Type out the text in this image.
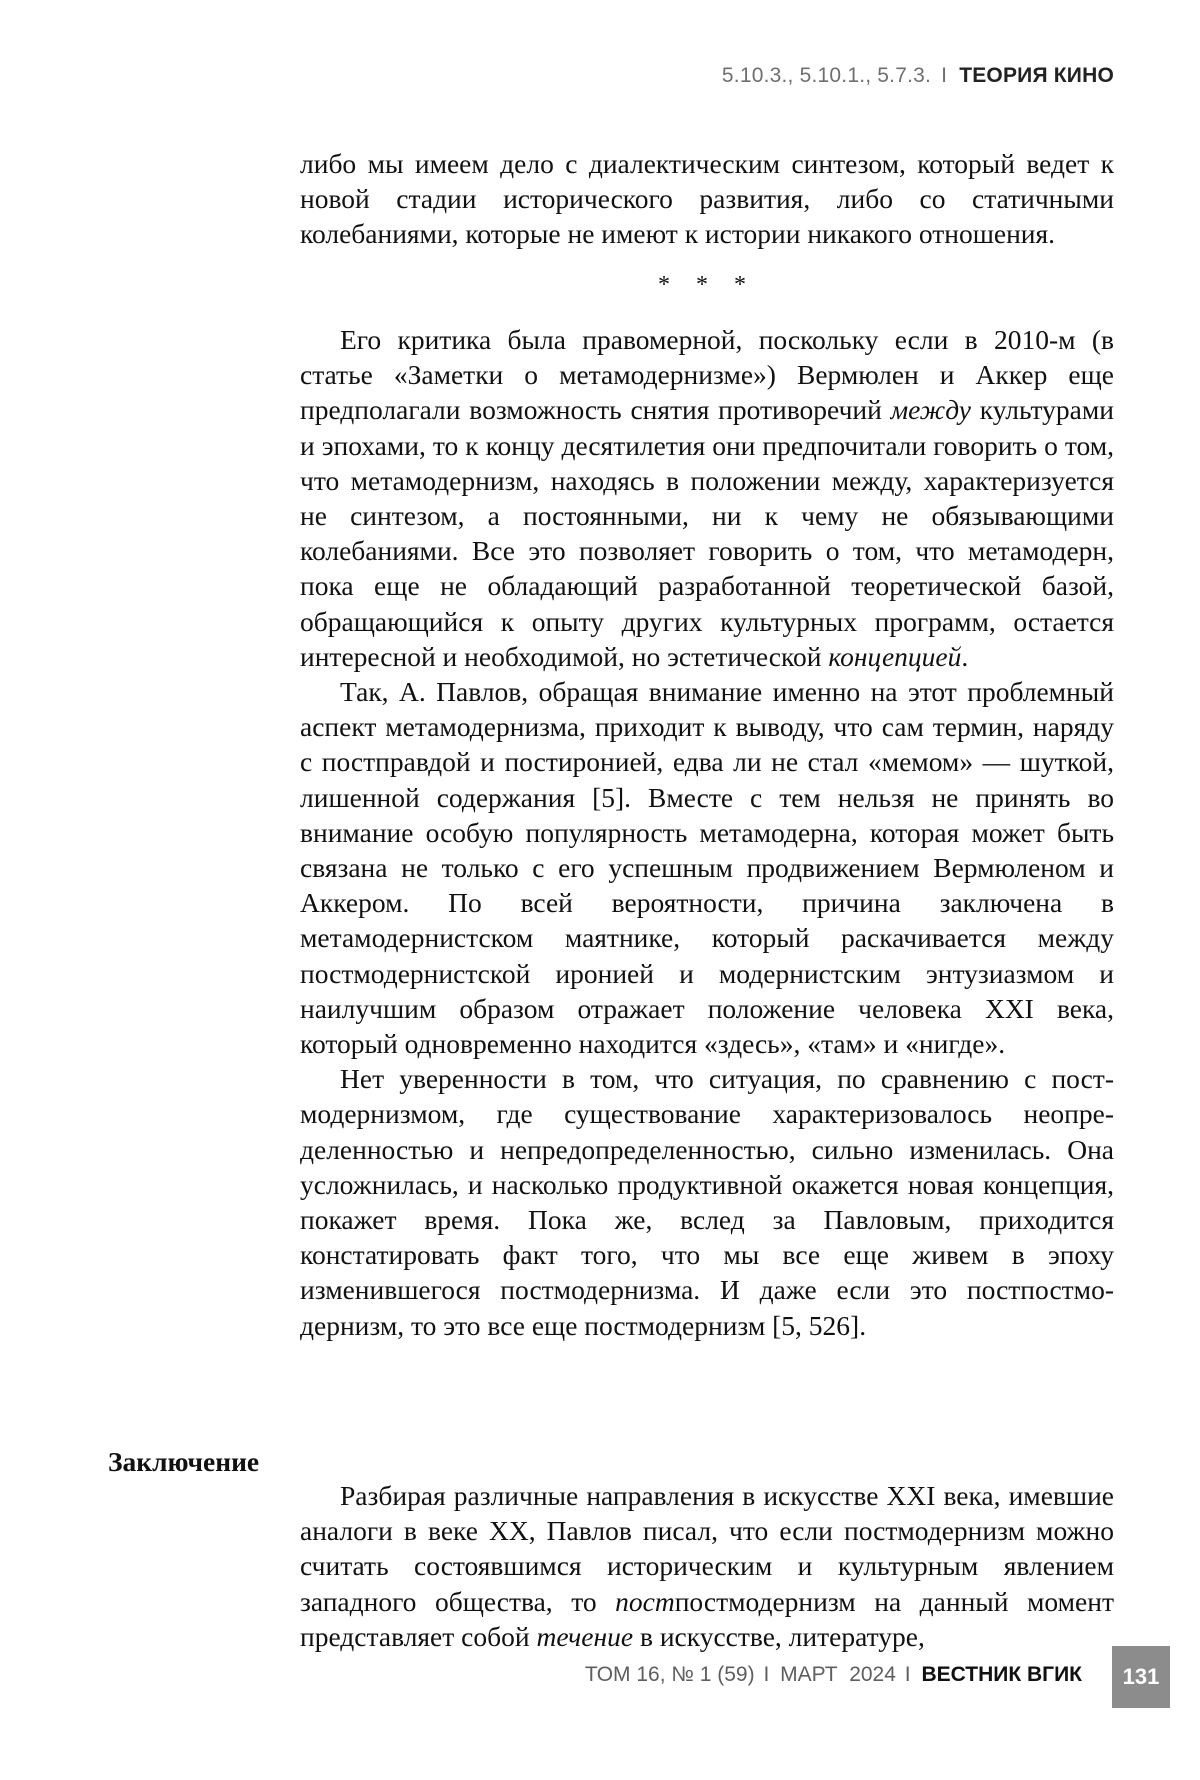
5.10.3., 5.10.1., 5.7.3. I ТЕОРИЯ КИНО

либо мы имеем дело с диалектическим синтезом, который ведет к новой стадии исторического развития, либо со статичными колебаниями, которые не имеют к истории никакого отношения.

* * *

Его критика была правомерной, поскольку если в 2010-м (в статье «Заметки о метамодернизме») Вермюлен и Аккер еще предполагали возможность снятия противоречий между куль­турами и эпохами, то к концу десятилетия они предпочитали говорить о том, что метамодернизм, находясь в положении между, характеризуется не синтезом, а постоянными, ни к чему не обязывающими колебаниями. Все это позволяет говорить о том, что метамодерн, пока еще не обладающий разработанной теоретической базой, обращающийся к опыту других культур­ных программ, остается интересной и необходимой, но эстети­ческой концепцией.

Так, А. Павлов, обращая внимание именно на этот проблем­ный аспект метамодернизма, приходит к выводу, что сам тер­мин, наряду с постправдой и постиронией, едва ли не стал «ме­мом» — шуткой, лишенной содержания [5]. Вместе с тем нельзя не принять во внимание особую популярность метамодерна, которая может быть связана не только с его успешным продви­жением Вермюленом и Аккером. По всей вероятности, причина заключена в метамодернистском маятнике, который раскачи­вается между постмодернистской иронией и модернистским энтузиазмом и наилучшим образом отражает положение чело­века XXI века, который одновременно находится «здесь», «там» и «нигде».

Нет уверенности в том, что ситуация, по сравнению с пост­модернизмом, где существование характеризовалось неопре­деленностью и непредопределенностью, сильно изменилась. Она усложнилась, и насколько продуктивной окажется новая концепция, покажет время. Пока же, вслед за Павловым, прихо­дится констатировать факт того, что мы все еще живем в эпоху изменившегося постмодернизма. И даже если это постпостмо­дернизм, то это все еще постмодернизм [5, 526].

Заключение

Разбирая различные направления в искусстве XXI века, имев­шие аналоги в веке XX, Павлов писал, что если постмодернизм можно считать состоявшимся историческим и культурным яв­лением западного общества, то постпостмодернизм на данный момент представляет собой течение в искусстве, литературе,

ТОМ 16, № 1 (59) I МАРТ  2024 I ВЕСТНИК ВГИК	131
